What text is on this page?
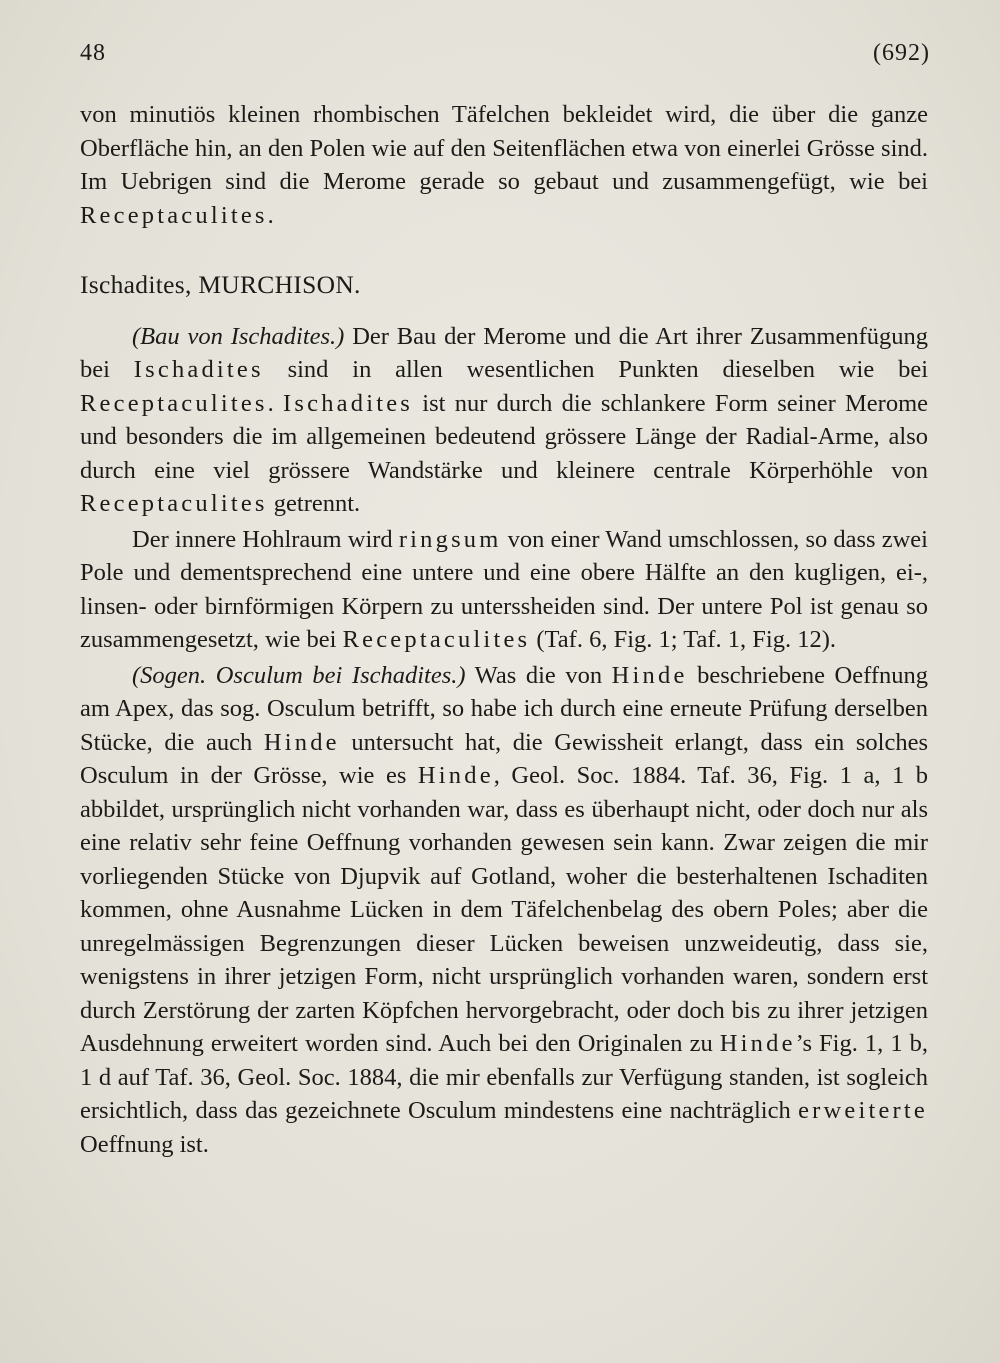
48	(692)

von minutiös kleinen rhombischen Täfelchen bekleidet wird, die über die ganze Oberfläche hin, an den Polen wie auf den Seitenflächen etwa von einerlei Grösse sind. Im Uebrigen sind die Merome gerade so gebaut und zusammengefügt, wie bei Receptaculites.

Ischadites, MURCHISON.

(Bau von Ischadites.) Der Bau der Merome und die Art ihrer Zusammenfügung bei Ischadites sind in allen wesentlichen Punkten dieselben wie bei Receptaculites. Ischadites ist nur durch die schlankere Form seiner Merome und besonders die im allgemeinen bedeutend grössere Länge der Radial-Arme, also durch eine viel grössere Wandstärke und kleinere centrale Körperhöhle von Receptaculites getrennt.

Der innere Hohlraum wird ringsum von einer Wand umschlossen, so dass zwei Pole und dementsprechend eine untere und eine obere Hälfte an den kugligen, ei-, linsen- oder birnförmigen Körpern zu unterssheiden sind. Der untere Pol ist genau so zusammengesetzt, wie bei Receptaculites (Taf. 6, Fig. 1; Taf. 1, Fig. 12).

(Sogen. Osculum bei Ischadites.) Was die von Hinde beschriebene Oeffnung am Apex, das sog. Osculum betrifft, so habe ich durch eine erneute Prüfung derselben Stücke, die auch Hinde untersucht hat, die Gewissheit erlangt, dass ein solches Osculum in der Grösse, wie es Hinde, Geol. Soc. 1884. Taf. 36, Fig. 1 a, 1 b abbildet, ursprünglich nicht vorhanden war, dass es überhaupt nicht, oder doch nur als eine relativ sehr feine Oeffnung vorhanden gewesen sein kann. Zwar zeigen die mir vorliegenden Stücke von Djupvik auf Gotland, woher die besterhaltenen Ischaditen kommen, ohne Ausnahme Lücken in dem Täfelchenbelag des obern Poles; aber die unregelmässigen Begrenzungen dieser Lücken beweisen unzweideutig, dass sie, wenigstens in ihrer jetzigen Form, nicht ursprünglich vorhanden waren, sondern erst durch Zerstörung der zarten Köpfchen hervorgebracht, oder doch bis zu ihrer jetzigen Ausdehnung erweitert worden sind. Auch bei den Originalen zu Hinde’s Fig. 1, 1 b, 1 d auf Taf. 36, Geol. Soc. 1884, die mir ebenfalls zur Verfügung standen, ist sogleich ersichtlich, dass das gezeichnete Osculum mindestens eine nachträglich erweiterte Oeffnung ist.
